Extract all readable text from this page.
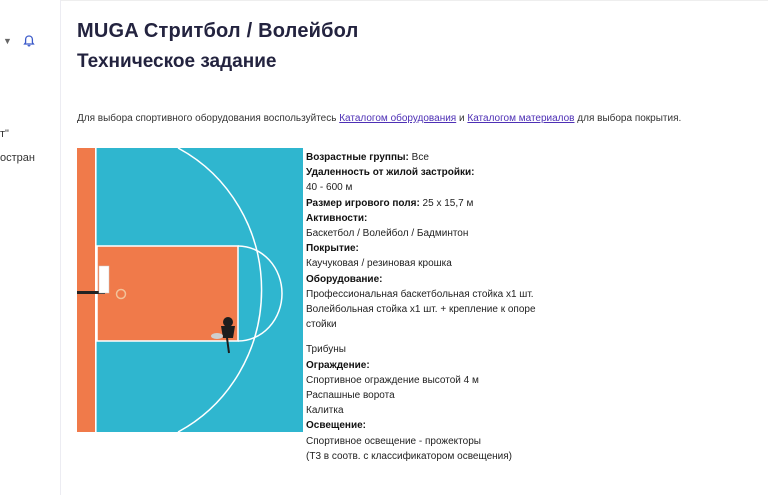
▼
т"
остран
MUGA Стритбол / Волейбол
Техническое задание

Для выбора спортивного оборудования воспользуйтесь Каталогом оборудования и Каталогом материалов для выбора покрытия.

Возрастные группы: Все

Удаленность от жилой застройки:

40 - 600 м

Размер игрового поля: 25 х 15,7 м

Активности:

Баскетбол / Волейбол / Бадминтон

Покрытие:

Каучуковая / резиновая крошка

Оборудование:

Профессиональная баскетбольная стойка х1 шт.

Волейбольная стойка х1 шт. + крепление к опоре стойки

Трибуны

Ограждение:

Спортивное ограждение высотой 4 м

Распашные ворота

Калитка

Освещение:

Спортивное освещение - прожекторы

(Т3 в соотв. с классификатором освещения)
